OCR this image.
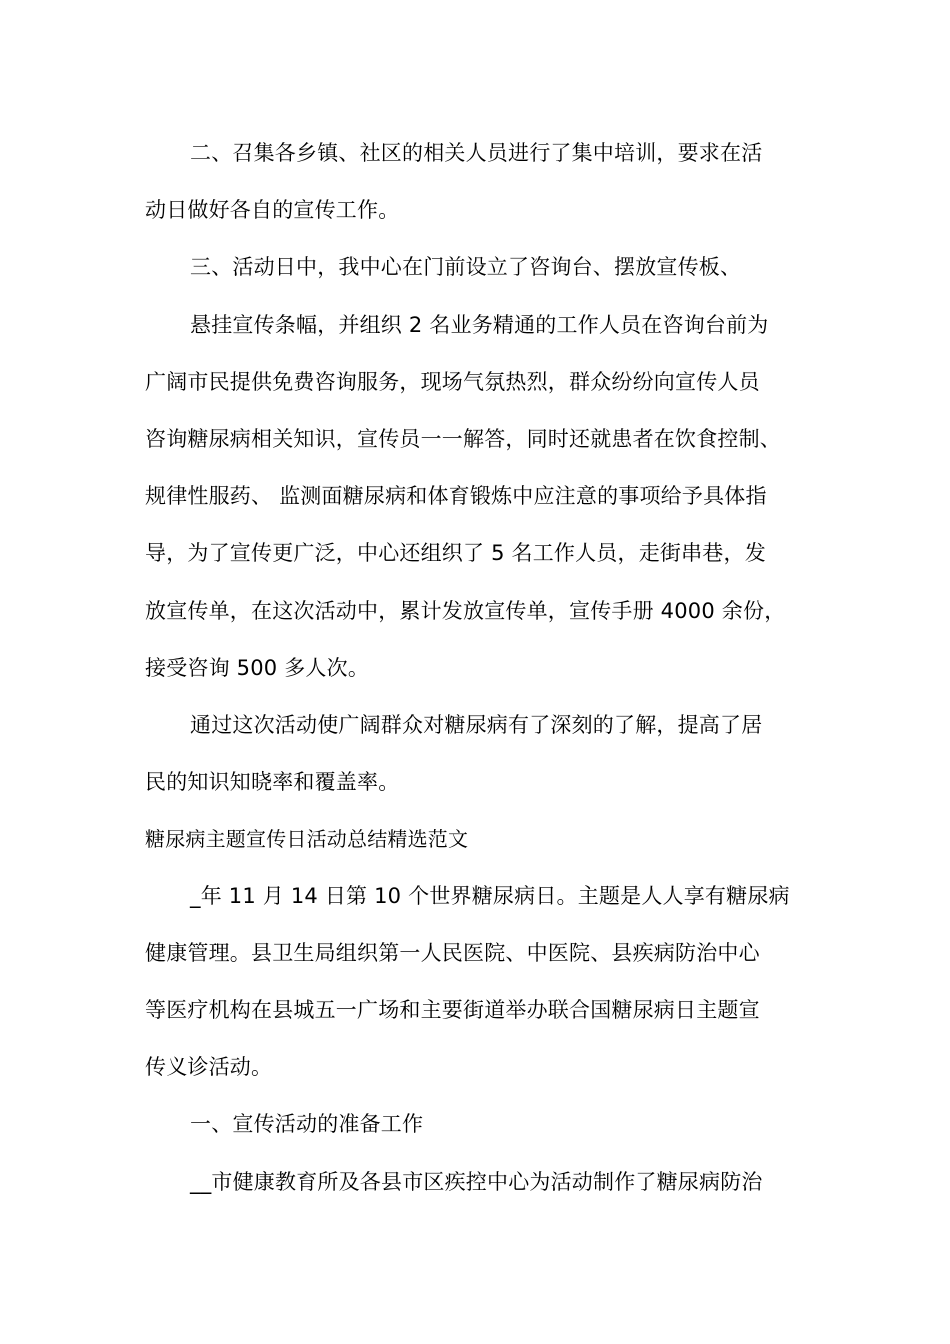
二、召集各乡镇、社区的相关人员进行了集中培训，要求在活
动日做好各自的宣传工作。
三、活动日中，我中心在门前设立了咨询台、摆放宣传板、
悬挂宣传条幅，并组织 2 名业务精通的工作人员在咨询台前为
广阔市民提供免费咨询服务，现场气氛热烈，群众纷纷向宣传人员
咨询糖尿病相关知识，宣传员一一解答，同时还就患者在饮食控制、
规律性服药、 监测面糖尿病和体育锻炼中应注意的事项给予具体指
导，为了宣传更广泛，中心还组织了 5 名工作人员，走街串巷，发
放宣传单，在这次活动中，累计发放宣传单，宣传手册 4000 余份，
接受咨询 500 多人次。
通过这次活动使广阔群众对糖尿病有了深刻的了解，提高了居
民的知识知晓率和覆盖率。
糖尿病主题宣传日活动总结精选范文
_年 11 月 14 日第 10 个世界糖尿病日。主题是人人享有糖尿病
健康管理。县卫生局组织第一人民医院、中医院、县疾病防治中心
等医疗机构在县城五一广场和主要街道举办联合国糖尿病日主题宣
传义诊活动。
一、宣传活动的准备工作
__市健康教育所及各县市区疾控中心为活动制作了糖尿病防治
